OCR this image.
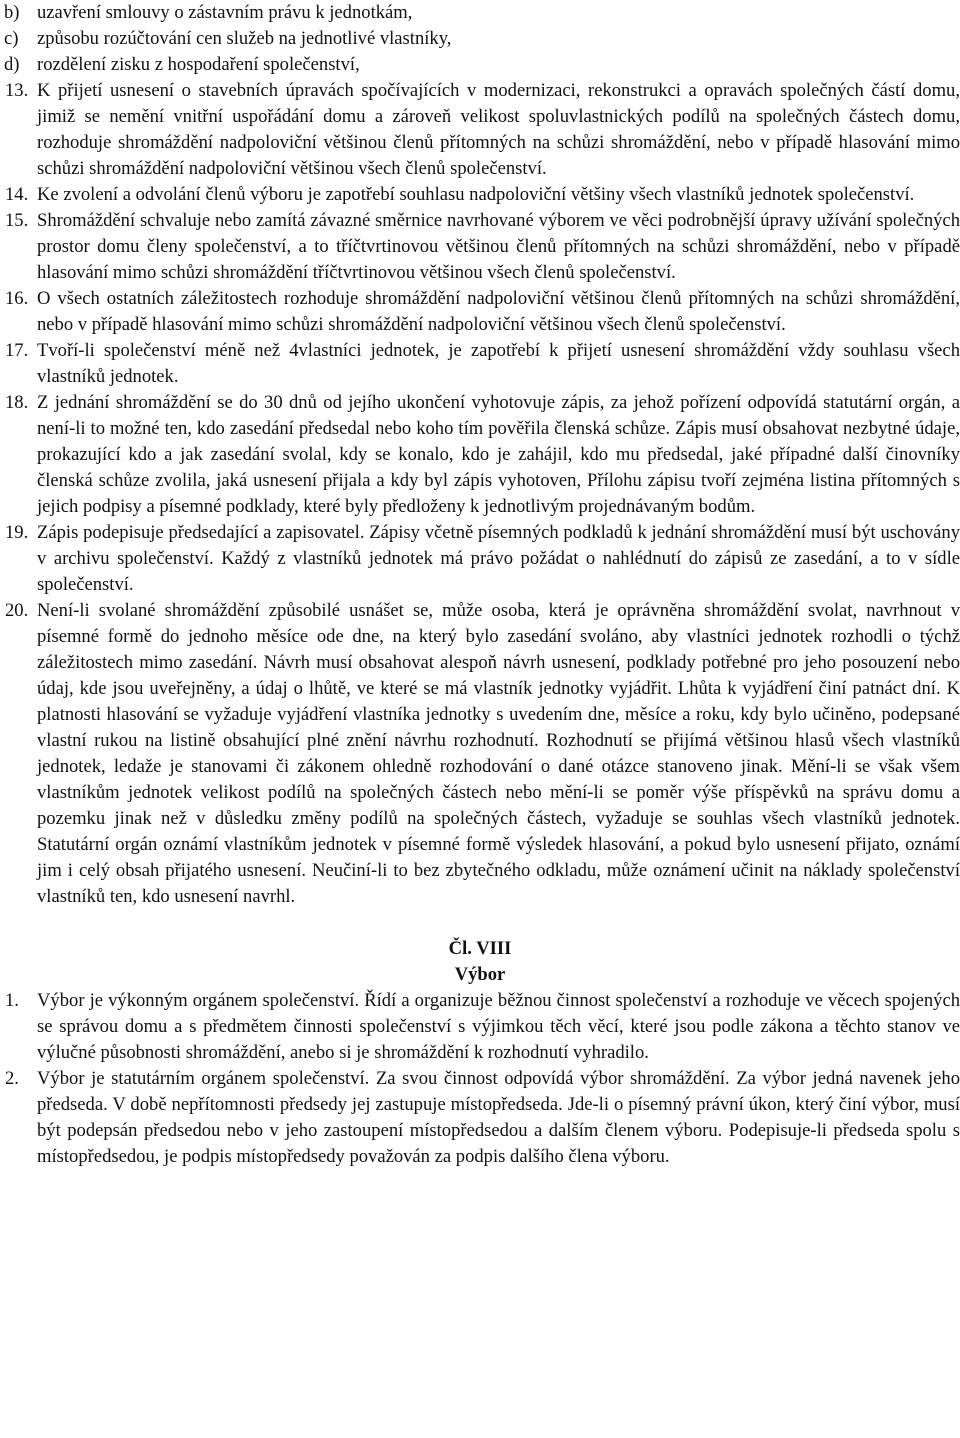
b) uzavření smlouvy o zástavním právu k jednotkám,
c) způsobu rozúčtování cen služeb na jednotlivé vlastníky,
d) rozdělení zisku z hospodaření společenství,
13. K přijetí usnesení o stavebních úpravách spočívajících v modernizaci, rekonstrukci a opravách společných částí domu, jimiž se nemění vnitřní uspořádání domu a zároveň velikost spoluvlastnických podílů na společných částech domu, rozhoduje shromáždění nadpoloviční většinou členů přítomných na schůzi shromáždění, nebo v případě hlasování mimo schůzi shromáždění nadpoloviční většinou všech členů společenství.
14. Ke zvolení a odvolání členů výboru je zapotřebí souhlasu nadpoloviční většiny všech vlastníků jednotek společenství.
15. Shromáždění schvaluje nebo zamítá závazné směrnice navrhované výborem ve věci podrobnější úpravy užívání společných prostor domu členy společenství, a to tříčtvrtinovou většinou členů přítomných na schůzi shromáždění, nebo v případě hlasování mimo schůzi shromáždění tříčtvrtinovou většinou všech členů společenství.
16. O všech ostatních záležitostech rozhoduje shromáždění nadpoloviční většinou členů přítomných na schůzi shromáždění, nebo v případě hlasování mimo schůzi shromáždění nadpoloviční většinou všech členů společenství.
17. Tvoří-li společenství méně než 4vlastníci jednotek, je zapotřebí k přijetí usnesení shromáždění vždy souhlasu všech vlastníků jednotek.
18. Z jednání shromáždění se do 30 dnů od jejího ukončení vyhotovuje zápis, za jehož pořízení odpovídá statutární orgán, a není-li to možné ten, kdo zasedání předsedal nebo koho tím pověřila členská schůze. Zápis musí obsahovat nezbytné údaje, prokazující kdo a jak zasedání svolal, kdy se konalo, kdo je zahájil, kdo mu předsedal, jaké případné další činovníky členská schůze zvolila, jaká usnesení přijala a kdy byl zápis vyhotoven, Přílohu zápisu tvoří zejména listina přítomných s jejich podpisy a písemné podklady, které byly předloženy k jednotlivým projednávaným bodům.
19. Zápis podepisuje předsedající a zapisovatel. Zápisy včetně písemných podkladů k jednání shromáždění musí být uschovány v archivu společenství. Každý z vlastníků jednotek má právo požádat o nahlédnutí do zápisů ze zasedání, a to v sídle společenství.
20. Není-li svolané shromáždění způsobilé usnášet se, může osoba, která je oprávněna shromáždění svolat, navrhnout v písemné formě do jednoho měsíce ode dne, na který bylo zasedání svoláno, aby vlastníci jednotek rozhodli o týchž záležitostech mimo zasedání. Návrh musí obsahovat alespoň návrh usnesení, podklady potřebné pro jeho posouzení nebo údaj, kde jsou uveřejněny, a údaj o lhůtě, ve které se má vlastník jednotky vyjádřit. Lhůta k vyjádření činí patnáct dní. K platnosti hlasování se vyžaduje vyjádření vlastníka jednotky s uvedením dne, měsíce a roku, kdy bylo učiněno, podepsané vlastní rukou na listině obsahující plné znění návrhu rozhodnutí. Rozhodnutí se přijímá většinou hlasů všech vlastníků jednotek, ledaže je stanovami či zákonem ohledně rozhodování o dané otázce stanoveno jinak. Mění-li se však všem vlastníkům jednotek velikost podílů na společných částech nebo mění-li se poměr výše příspěvků na správu domu a pozemku jinak než v důsledku změny podílů na společných částech, vyžaduje se souhlas všech vlastníků jednotek. Statutární orgán oznámí vlastníkům jednotek v písemné formě výsledek hlasování, a pokud bylo usnesení přijato, oznámí jim i celý obsah přijatého usnesení. Neučiní-li to bez zbytečného odkladu, může oznámení učinit na náklady společenství vlastníků ten, kdo usnesení navrhl.

Čl. VIII

Výbor

1. Výbor je výkonným orgánem společenství. Řídí a organizuje běžnou činnost společenství a rozhoduje ve věcech spojených se správou domu a s předmětem činnosti společenství s výjimkou těch věcí, které jsou podle zákona a těchto stanov ve výlučné působnosti shromáždění, anebo si je shromáždění k rozhodnutí vyhradilo.
2. Výbor je statutárním orgánem společenství. Za svou činnost odpovídá výbor shromáždění. Za výbor jedná navenek jeho předseda. V době nepřítomnosti předsedy jej zastupuje místopředseda. Jde-li o písemný právní úkon, který činí výbor, musí být podepsán předsedou nebo v jeho zastoupení místopředsedou a dalším členem výboru. Podepisuje-li předseda spolu s místopředsedou, je podpis místopředsedy považován za podpis dalšího člena výboru.
